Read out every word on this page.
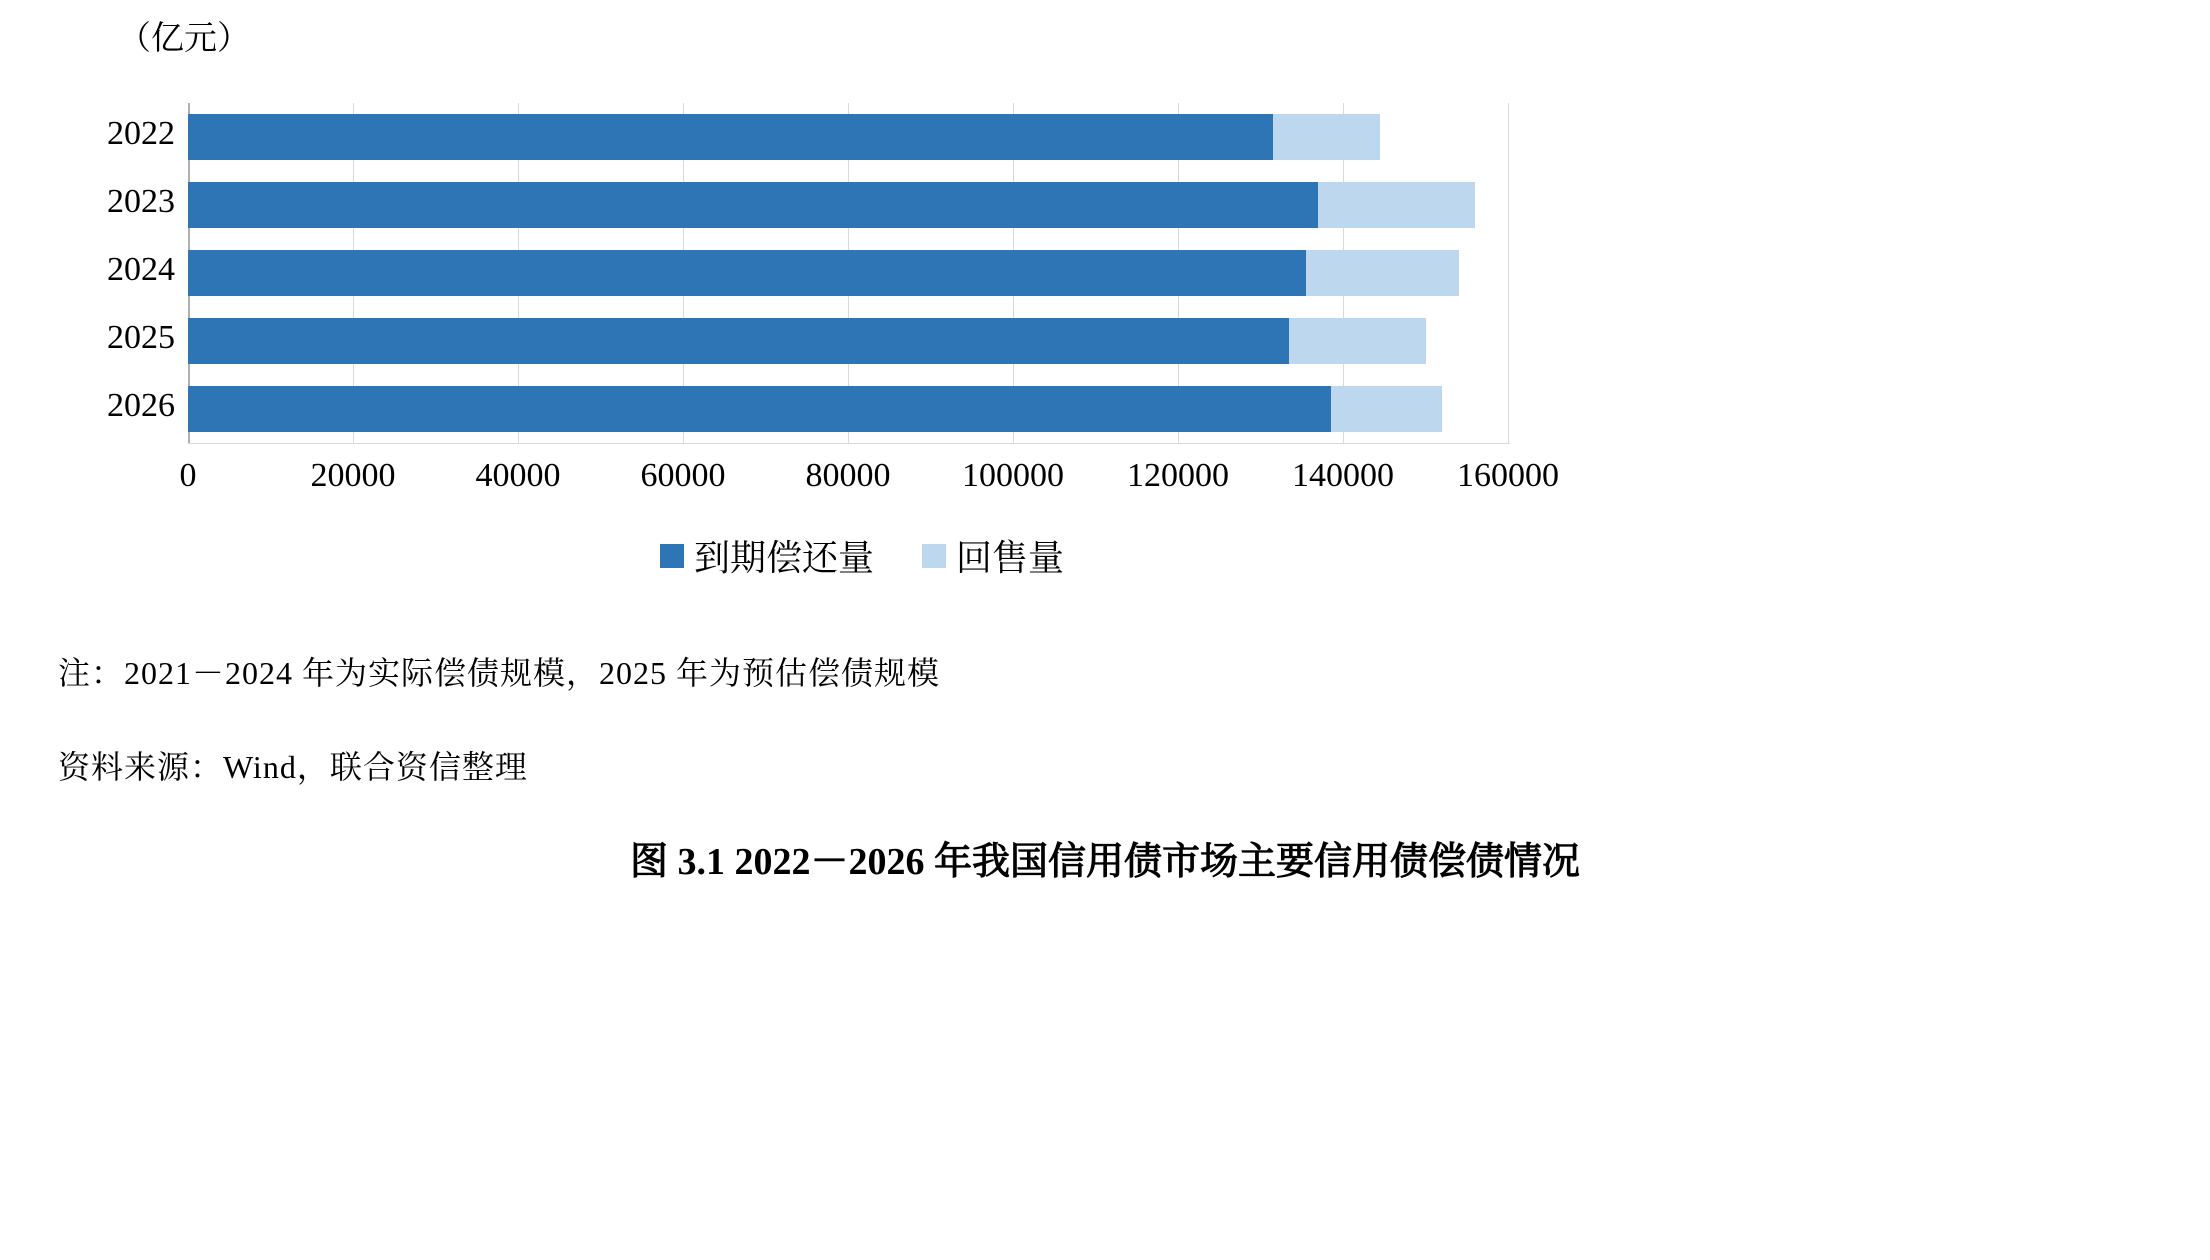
（亿元）
2022
2023
2024
2025
2026
0	20000 40000 60000 80000 100000 120000 140000 160000
到期偿还量 回售量
注：2021－2024 年为实际偿债规模，2025 年为预估偿债规模
资料来源：Wind，联合资信整理
图 3.1 2022－2026 年我国信用债市场主要信用债偿债情况
